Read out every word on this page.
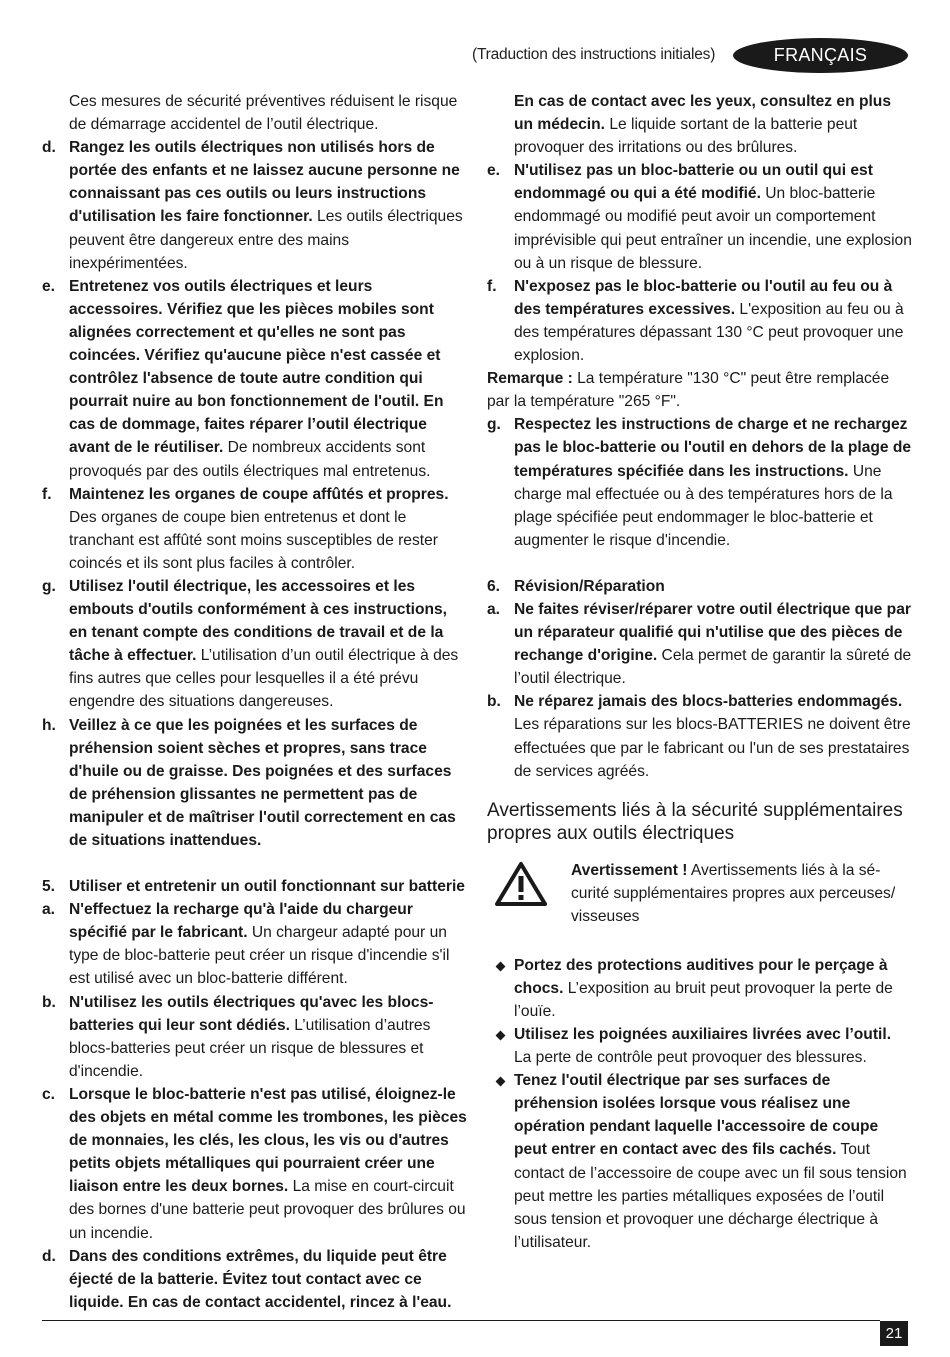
(Traduction des instructions initiales)	FRANÇAIS
Ces mesures de sécurité préventives réduisent le risque de démarrage accidentel de l’outil électrique.
d. Rangez les outils électriques non utilisés hors de portée des enfants et ne laissez aucune personne ne connaissant pas ces outils ou leurs instructions d'utilisation les faire fonctionner. Les outils électriques peuvent être dangereux entre des mains inexpérimentées.
e. Entretenez vos outils électriques et leurs accessoires. Vérifiez que les pièces mobiles sont alignées correctement et qu'elles ne sont pas coincées. Vérifiez qu'aucune pièce n'est cassée et contrôlez l'absence de toute autre condition qui pourrait nuire au bon fonctionnement de l'outil. En cas de dommage, faites réparer l’outil électrique avant de le réutiliser. De nombreux accidents sont provoqués par des outils électriques mal entretenus.
f. Maintenez les organes de coupe affûtés et propres. Des organes de coupe bien entretenus et dont le tranchant est affûté sont moins susceptibles de rester coincés et ils sont plus faciles à contrôler.
g. Utilisez l'outil électrique, les accessoires et les embouts d'outils conformément à ces instructions, en tenant compte des conditions de travail et de la tâche à effectuer. L’utilisation d’un outil électrique à des fins autres que celles pour lesquelles il a été prévu engendre des situations dangereuses.
h. Veillez à ce que les poignées et les surfaces de préhension soient sèches et propres, sans trace d'huile ou de graisse. Des poignées et des surfaces de préhension glissantes ne permettent pas de manipuler et de maîtriser l'outil correctement en cas de situations inattendues.
5. Utiliser et entretenir un outil fonctionnant sur batterie
a. N'effectuez la recharge qu'à l'aide du chargeur spécifié par le fabricant. Un chargeur adapté pour un type de bloc-batterie peut créer un risque d'incendie s'il est utilisé avec un bloc-batterie différent.
b. N'utilisez les outils électriques qu'avec les blocs-batteries qui leur sont dédiés. L’utilisation d’autres blocs-batteries peut créer un risque de blessures et d'incendie.
c. Lorsque le bloc-batterie n'est pas utilisé, éloignez-le des objets en métal comme les trombones, les pièces de monnaies, les clés, les clous, les vis ou d'autres petits objets métalliques qui pourraient créer une liaison entre les deux bornes. La mise en court-circuit des bornes d'une batterie peut provoquer des brûlures ou un incendie.
d. Dans des conditions extrêmes, du liquide peut être éjecté de la batterie. Évitez tout contact avec ce liquide. En cas de contact accidentel, rincez à l'eau.
En cas de contact avec les yeux, consultez en plus un médecin. Le liquide sortant de la batterie peut provoquer des irritations ou des brûlures.
e. N'utilisez pas un bloc-batterie ou un outil qui est endommagé ou qui a été modifié. Un bloc-batterie endommagé ou modifié peut avoir un comportement imprévisible qui peut entraîner un incendie, une explosion ou à un risque de blessure.
f. N'exposez pas le bloc-batterie ou l'outil au feu ou à des températures excessives. L'exposition au feu ou à des températures dépassant 130 °C peut provoquer une explosion.
Remarque : La température "130 °C" peut être remplacée par la température "265 °F".
g. Respectez les instructions de charge et ne rechargez pas le bloc-batterie ou l'outil en dehors de la plage de températures spécifiée dans les instructions. Une charge mal effectuée ou à des températures hors de la plage spécifiée peut endommager le bloc-batterie et augmenter le risque d'incendie.
6. Révision/Réparation
a. Ne faites réviser/réparer votre outil électrique que par un réparateur qualifié qui n'utilise que des pièces de rechange d'origine. Cela permet de garantir la sûreté de l’outil électrique.
b. Ne réparez jamais des blocs-batteries endommagés. Les réparations sur les blocs-BATTERIES ne doivent être effectuées que par le fabricant ou l'un de ses prestataires de services agréés.
Avertissements liés à la sécurité supplémentaires propres aux outils électriques
Avertissement ! Avertissements liés à la sé-curité supplémentaires propres aux perceuses/ visseuses
Portez des protections auditives pour le perçage à chocs. L’exposition au bruit peut provoquer la perte de l’ouïe.
Utilisez les poignées auxiliaires livrées avec l’outil. La perte de contrôle peut provoquer des blessures.
Tenez l'outil électrique par ses surfaces de préhension isolées lorsque vous réalisez une opération pendant laquelle l'accessoire de coupe peut entrer en contact avec des fils cachés. Tout contact de l’accessoire de coupe avec un fil sous tension peut mettre les parties métalliques exposées de l’outil sous tension et provoquer une décharge électrique à l’utilisateur.
21
